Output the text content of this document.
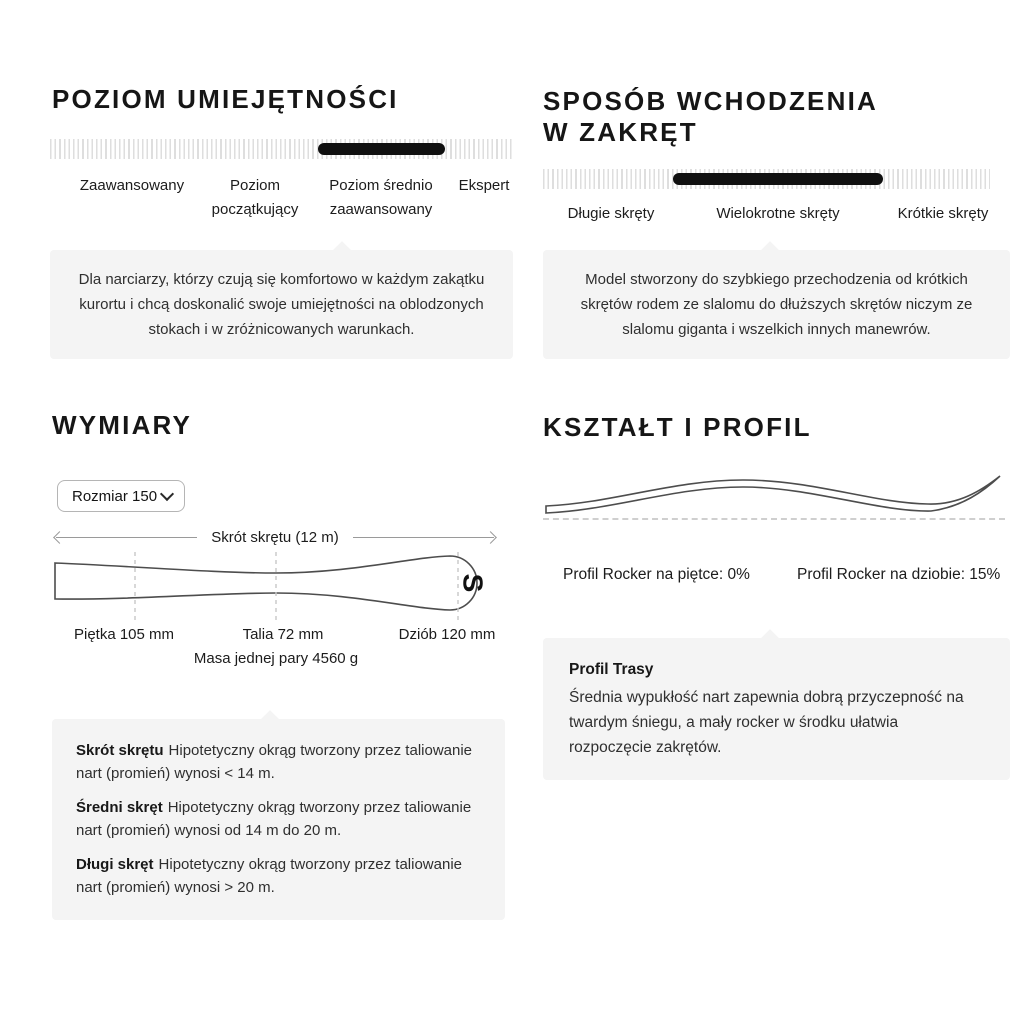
POZIOM UMIEJĘTNOŚCI
Zaawansowany	Poziom początkujący
Poziom średnio zaawansowany
Ekspert
Dla narciarzy, którzy czują się komfortowo w każdym zakątku kurortu i chcą doskonalić swoje umiejętności na oblodzonych stokach i w zróżnicowanych warunkach.
SPOSÓB WCHODZENIA
W ZAKRĘT
Długie skręty	Wielokrotne skręty	Krótkie skręty
Model stworzony do szybkiego przechodzenia od krótkich skrętów rodem ze slalomu do dłuższych skrętów niczym ze slalomu giganta i wszelkich innych manewrów.
WYMIARY
Rozmiar 150
Skrót skrętu (12 m)
S
Piętka 105 mm	Talia 72 mm	Dziób 120 mm
Masa jednej pary 4560 g

Skrót skrętu Hipotetyczny okrąg tworzony przez taliowanie nart (promień) wynosi < 14 m.

Średni skręt Hipotetyczny okrąg tworzony przez taliowanie nart (promień) wynosi od 14 m do 20 m.

Długi skręt Hipotetyczny okrąg tworzony przez taliowanie nart (promień) wynosi > 20 m.

KSZTAŁT I PROFIL
Profil Rocker na piętce: 0%	Profil Rocker na dziobie: 15%

Profil Trasy

Średnia wypukłość nart zapewnia dobrą przyczepność na twardym śniegu, a mały rocker w środku ułatwia rozpoczęcie zakrętów.
